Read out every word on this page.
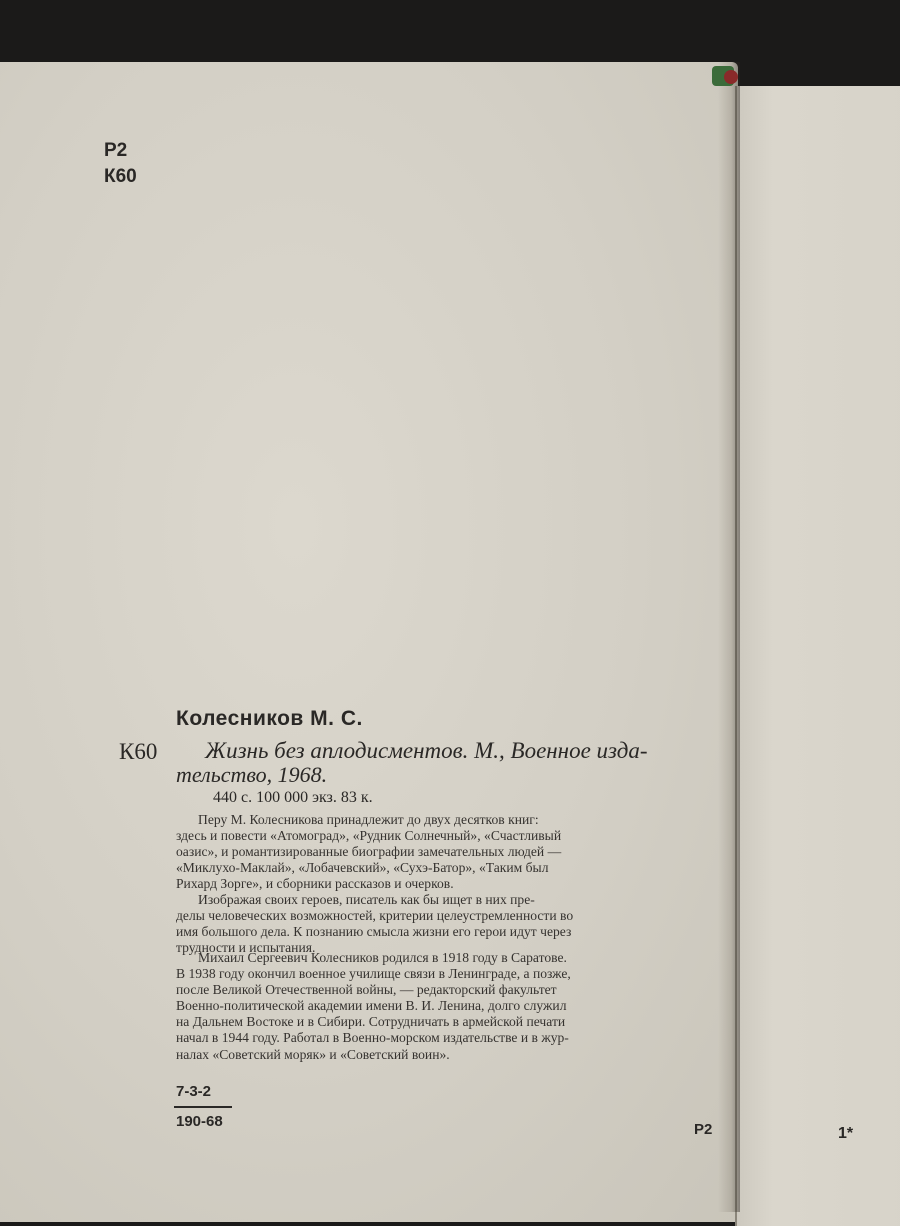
Р2
К60
Колесников М. С.
К60 Жизнь без аплодисментов. М., Военное изда-
тельство, 1968.
440 с. 100 000 экз. 83 к.
Перу М. Колесникова принадлежит до двух десятков книг:
здесь и повести «Атомоград», «Рудник Солнечный», «Счастливый
оазис», и романтизированные биографии замечательных людей —
«Миклухо-Маклай», «Лобачевский», «Сухэ-Батор», «Таким был
Рихард Зорге», и сборники рассказов и очерков.
Изображая своих героев, писатель как бы ищет в них пре-
делы человеческих возможностей, критерии целеустремленности во
имя большого дела. К познанию смысла жизни его герои идут через
трудности и испытания.
Михаил Сергеевич Колесников родился в 1918 году в Саратове.
В 1938 году окончил военное училище связи в Ленинграде, а позже,
после Великой Отечественной войны, — редакторский факультет
Военно-политической академии имени В. И. Ленина, долго служил
на Дальнем Востоке и в Сибири. Сотрудничать в армейской печати
начал в 1944 году. Работал в Военно-морском издательстве и в жур-
налах «Советский моряк» и «Советский воин».
7-3-2
190-68	Р2	1*
